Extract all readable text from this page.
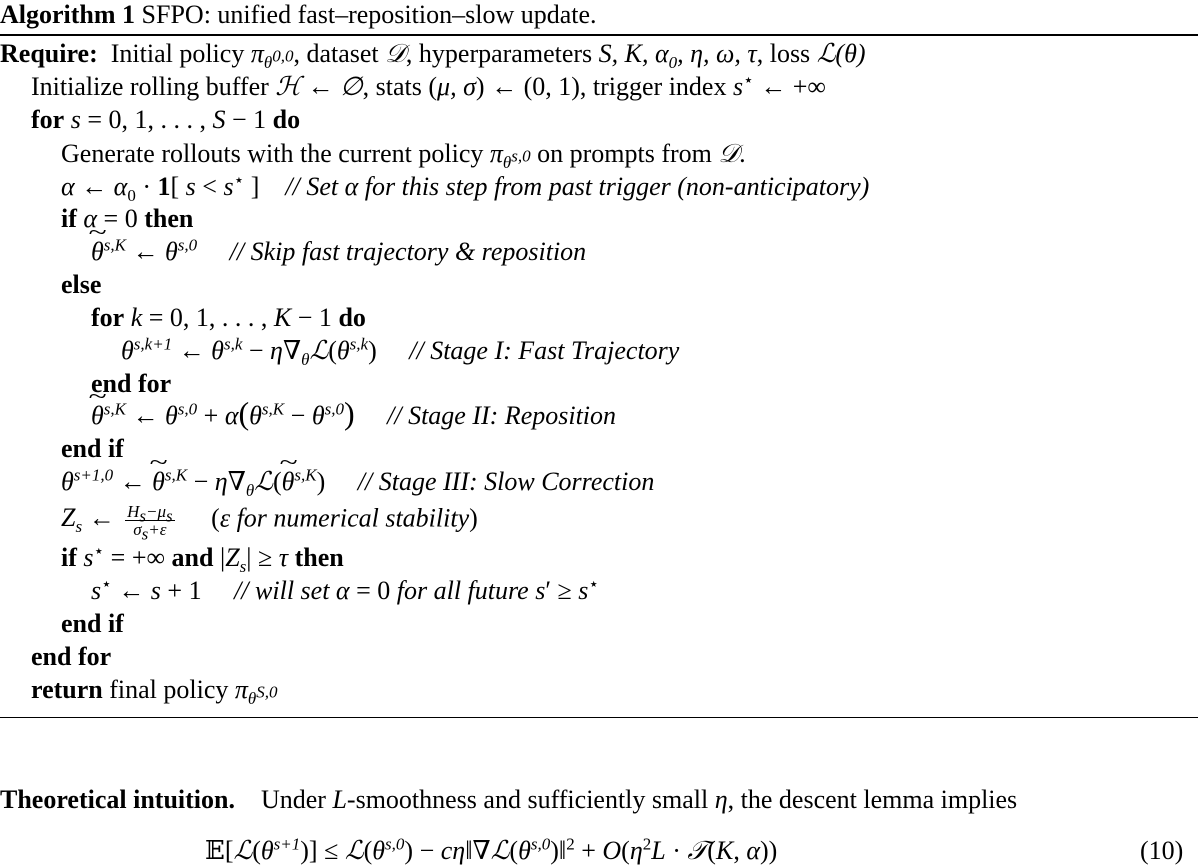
Algorithm 1 SFPO: unified fast–reposition–slow update.
Require: Initial policy $\pi_{\theta^{0,0}}$, dataset 𝒟, hyperparameters S, K, $\alpha_0$, η, ω, τ, loss ℒ(θ)
Initialize rolling buffer ℋ ← ∅, stats (μ, σ) ← (0, 1), trigger index s⋆ ← +∞
for s = 0, 1, . . . , S − 1 do
Generate rollouts with the current policy $\pi_{\theta^{s,0}}$ on prompts from 𝒟.
α ← $\alpha_0 \cdot 1$[ s < s⋆ ]    // Set α for this step from past trigger (non-anticipatory)
if α = 0 then
~ $\theta^{s,K}$ ← $\theta^{s,0}$ // Skip fast trajectory & reposition
else
for k = 0, 1, . . . , K − 1 do
$\theta^{s,k+1}$ ← $\theta^{s,k}$ − $\eta\nabla_\theta ℒ(\theta^{s,k})$     // Stage I: Fast Trajectory
end for
~ $\theta^{s,K}$ ← $\theta^{s,0} + \alpha(\theta^{s,K} - \theta^{s,0})$ // Stage II: Reposition
end if
$\theta^{s+1,0}$ ← ~ $\theta^{s,K}$ − $\eta\nabla_\theta ℒ(\sim$ $\theta^{s,K}$)     // Stage III: Slow Correction
$Z_s$ ← $\frac{H_s-\mu_s}{\sigma_s+\varepsilon} (\varepsilon$ for numerical stability)
if s⋆ = +∞ and $|Z_s| \ge \tau$ then
s⋆ ← s + 1     // will set α = 0 for all future s′ ≥ s⋆
end if
end for
return final policy $\pi_{\theta^{S,0}}$
Theoretical intuition. Under L-smoothness and sufficiently small η, the descent lemma implies
$𝔼[ℒ(\theta^{s+1})]$ ≤ $ℒ(\theta^{s,0})$ − $c\eta‖\nabla ℒ(\theta^{s,0})‖^2 + O(\eta^2L$ · 𝒯(K, α))	(10)
